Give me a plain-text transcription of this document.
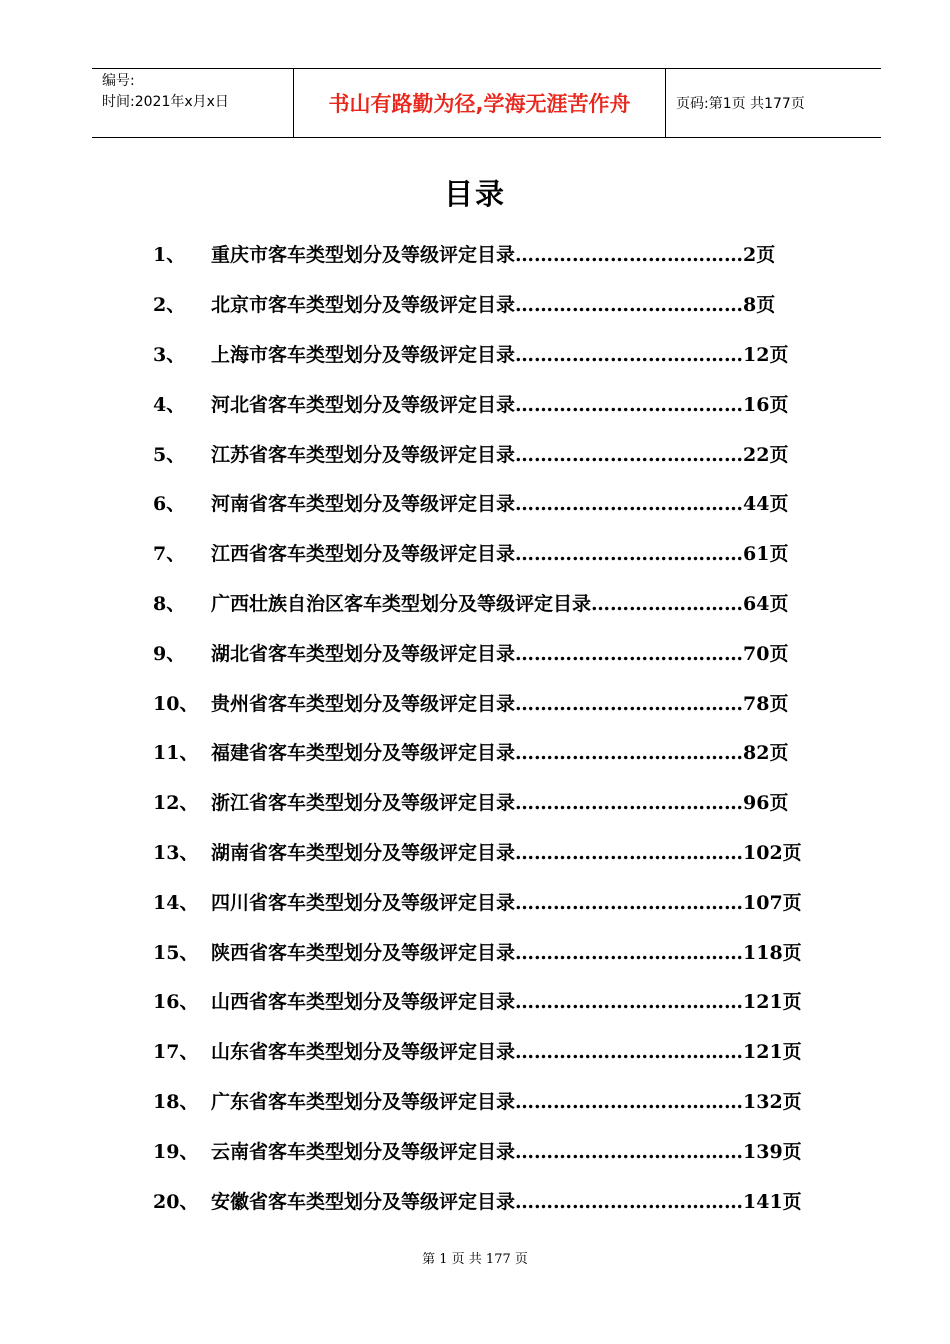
编号:
时间:2021年x月x日	书山有路勤为径,学海无涯苦作舟	页码:第1页 共177页
目录
1、	重庆市客车类型划分及等级评定目录………………………………2页
2、	北京市客车类型划分及等级评定目录………………………………8页
3、	上海市客车类型划分及等级评定目录………………………………12页
4、	河北省客车类型划分及等级评定目录………………………………16页
5、	江苏省客车类型划分及等级评定目录………………………………22页
6、	河南省客车类型划分及等级评定目录………………………………44页
7、	江西省客车类型划分及等级评定目录………………………………61页
8、	广西壮族自治区客车类型划分及等级评定目录……………………64页
9、	湖北省客车类型划分及等级评定目录………………………………70页
10、 贵州省客车类型划分及等级评定目录………………………………78页
11、 福建省客车类型划分及等级评定目录………………………………82页
12、 浙江省客车类型划分及等级评定目录………………………………96页
13、 湖南省客车类型划分及等级评定目录………………………………102页
14、 四川省客车类型划分及等级评定目录………………………………107页
15、 陕西省客车类型划分及等级评定目录………………………………118页
16、 山西省客车类型划分及等级评定目录………………………………121页
17、 山东省客车类型划分及等级评定目录………………………………121页
18、 广东省客车类型划分及等级评定目录………………………………132页
19、 云南省客车类型划分及等级评定目录………………………………139页
20、 安徽省客车类型划分及等级评定目录………………………………141页
第 1 页 共 177 页
